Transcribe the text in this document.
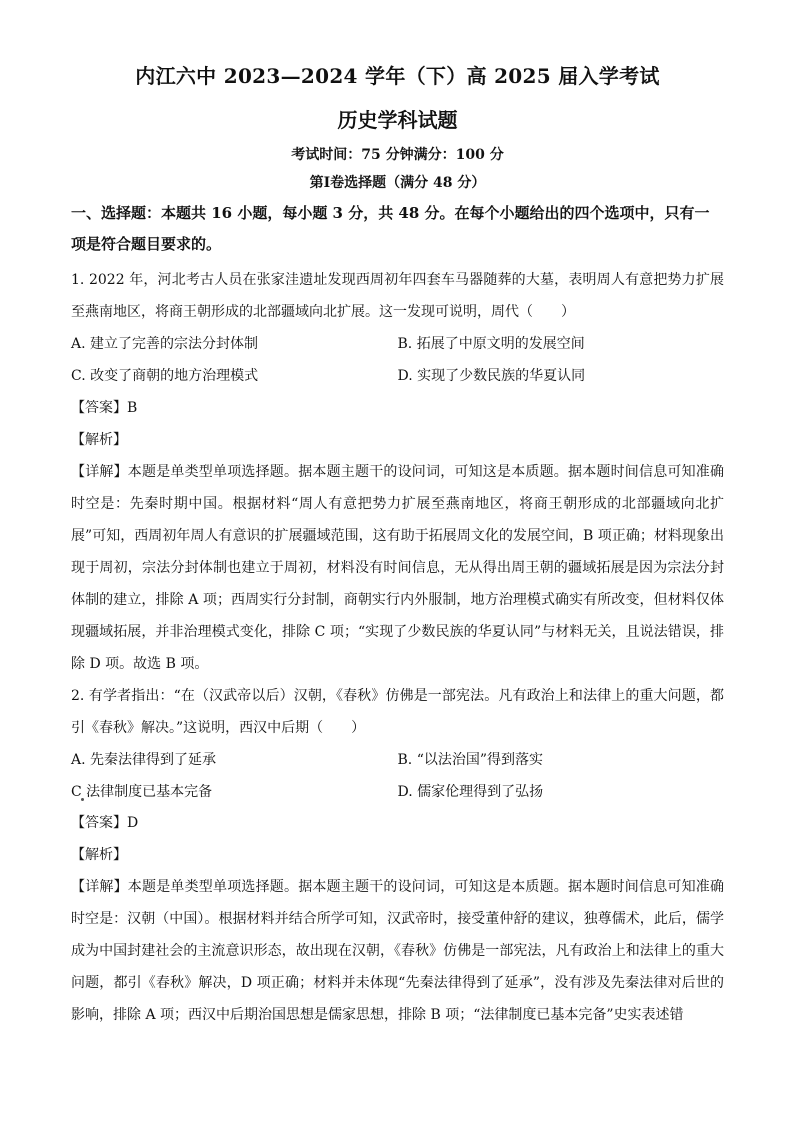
内江六中 2023—2024 学年（下）高 2025 届入学考试
历史学科试题
考试时间：75 分钟满分：100 分
第Ⅰ卷选择题（满分 48 分）
一、选择题：本题共 16 小题，每小题 3 分，共 48 分。在每个小题给出的四个选项中，只有一项是符合题目要求的。

1. 2022 年，河北考古人员在张家洼遗址发现西周初年四套车马器随葬的大墓，表明周人有意把势力扩展至燕南地区，将商王朝形成的北部疆域向北扩展。这一发现可说明，周代（　　）

A. 建立了完善的宗法分封体制	B. 拓展了中原文明的发展空间
C. 改变了商朝的地方治理模式	D. 实现了少数民族的华夏认同

【答案】B

【解析】

【详解】本题是单类型单项选择题。据本题主题干的设问词，可知这是本质题。据本题时间信息可知准确时空是：先秦时期中国。根据材料“周人有意把势力扩展至燕南地区，将商王朝形成的北部疆域向北扩展”可知，西周初年周人有意识的扩展疆域范围，这有助于拓展周文化的发展空间，B 项正确；材料现象出现于周初，宗法分封体制也建立于周初，材料没有时间信息，无从得出周王朝的疆域拓展是因为宗法分封体制的建立，排除 A 项；西周实行分封制，商朝实行内外服制，地方治理模式确实有所改变，但材料仅体现疆域拓展，并非治理模式变化，排除 C 项；“实现了少数民族的华夏认同”与材料无关，且说法错误，排除 D 项。故选 B 项。

2. 有学者指出：“在（汉武帝以后）汉朝，《春秋》仿佛是一部宪法。凡有政治上和法律上的重大问题，都引《春秋》解决。”这说明，西汉中后期（　　）

A. 先秦法律得到了延承	B. “以法治国”得到落实
C 法律制度已基本完备	D. 儒家伦理得到了弘扬

【答案】D

【解析】

【详解】本题是单类型单项选择题。据本题主题干的设问词，可知这是本质题。据本题时间信息可知准确时空是：汉朝（中国）。根据材料并结合所学可知，汉武帝时，接受董仲舒的建议，独尊儒术，此后，儒学成为中国封建社会的主流意识形态，故出现在汉朝，《春秋》仿佛是一部宪法，凡有政治上和法律上的重大问题，都引《春秋》解决，D 项正确；材料并未体现“先秦法律得到了延承”，没有涉及先秦法律对后世的影响，排除 A 项；西汉中后期治国思想是儒家思想，排除 B 项；“法律制度已基本完备”史实表述错
